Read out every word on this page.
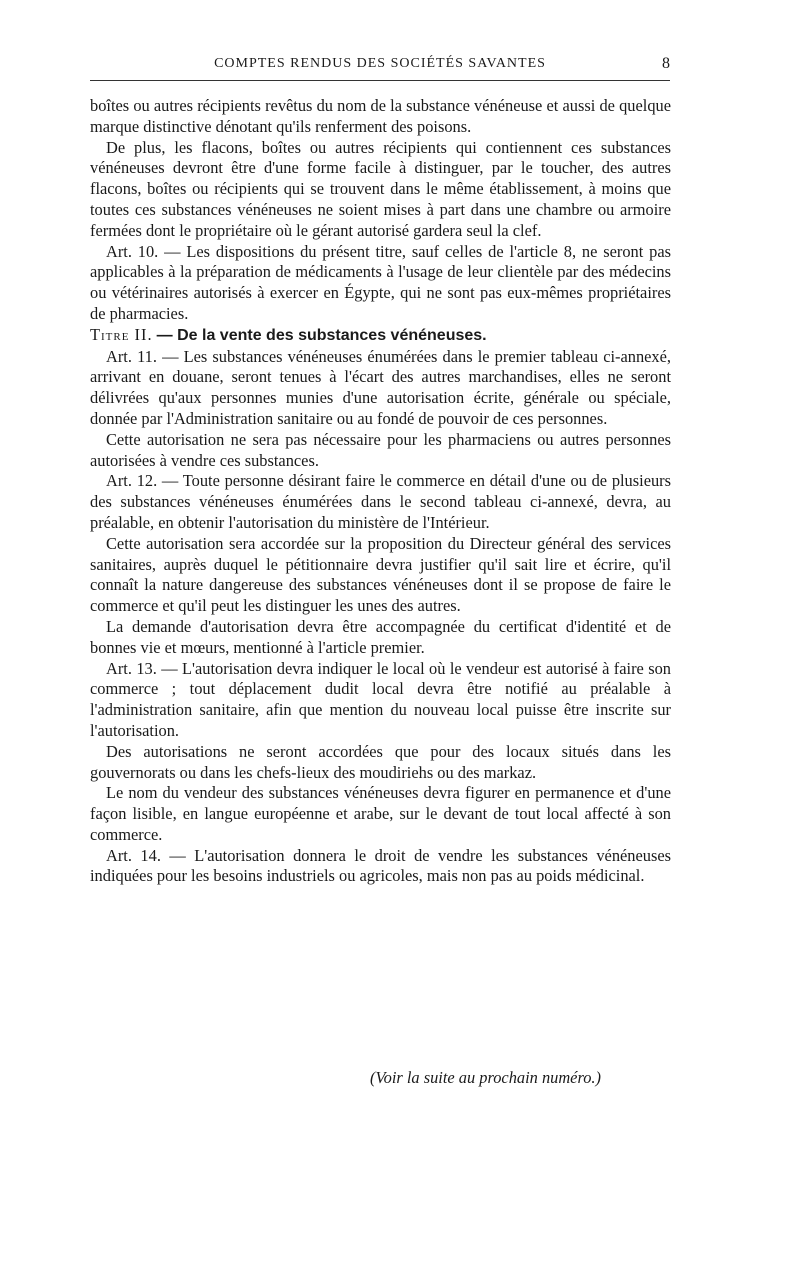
COMPTES RENDUS DES SOCIÉTÉS SAVANTES	8

boîtes ou autres récipients revêtus du nom de la substance vénéneuse et aussi de quelque marque distinctive dénotant qu'ils renferment des poisons.

De plus, les flacons, boîtes ou autres récipients qui contiennent ces substances vénéneuses devront être d'une forme facile à distinguer, par le toucher, des autres flacons, boîtes ou récipients qui se trouvent dans le même établissement, à moins que toutes ces substances vénéneuses ne soient mises à part dans une chambre ou armoire fermées dont le propriétaire où le gérant autorisé gardera seul la clef.

Art. 10. — Les dispositions du présent titre, sauf celles de l'article 8, ne seront pas applicables à la préparation de médicaments à l'usage de leur clientèle par des médecins ou vétérinaires autorisés à exercer en Égypte, qui ne sont pas eux-mêmes propriétaires de pharmacies.

Titre II. — De la vente des substances vénéneuses.

Art. 11. — Les substances vénéneuses énumérées dans le premier tableau ci-annexé, arrivant en douane, seront tenues à l'écart des autres marchandises, elles ne seront délivrées qu'aux personnes munies d'une autorisation écrite, générale ou spéciale, donnée par l'Administration sanitaire ou au fondé de pouvoir de ces personnes.

Cette autorisation ne sera pas nécessaire pour les pharmaciens ou autres personnes autorisées à vendre ces substances.

Art. 12. — Toute personne désirant faire le commerce en détail d'une ou de plusieurs des substances vénéneuses énumérées dans le second tableau ci-annexé, devra, au préalable, en obtenir l'autorisation du ministère de l'Intérieur.

Cette autorisation sera accordée sur la proposition du Directeur général des services sanitaires, auprès duquel le pétitionnaire devra justifier qu'il sait lire et écrire, qu'il connaît la nature dangereuse des substances vénéneuses dont il se propose de faire le commerce et qu'il peut les distinguer les unes des autres.

La demande d'autorisation devra être accompagnée du certificat d'identité et de bonnes vie et mœurs, mentionné à l'article premier.

Art. 13. — L'autorisation devra indiquer le local où le vendeur est autorisé à faire son commerce ; tout déplacement dudit local devra être notifié au préalable à l'administration sanitaire, afin que mention du nouveau local puisse être inscrite sur l'autorisation.

Des autorisations ne seront accordées que pour des locaux situés dans les gouvernorats ou dans les chefs-lieux des moudiriehs ou des markaz.

Le nom du vendeur des substances vénéneuses devra figurer en permanence et d'une façon lisible, en langue européenne et arabe, sur le devant de tout local affecté à son commerce.

Art. 14. — L'autorisation donnera le droit de vendre les substances vénéneuses indiquées pour les besoins industriels ou agricoles, mais non pas au poids médicinal.

(Voir la suite au prochain numéro.)
